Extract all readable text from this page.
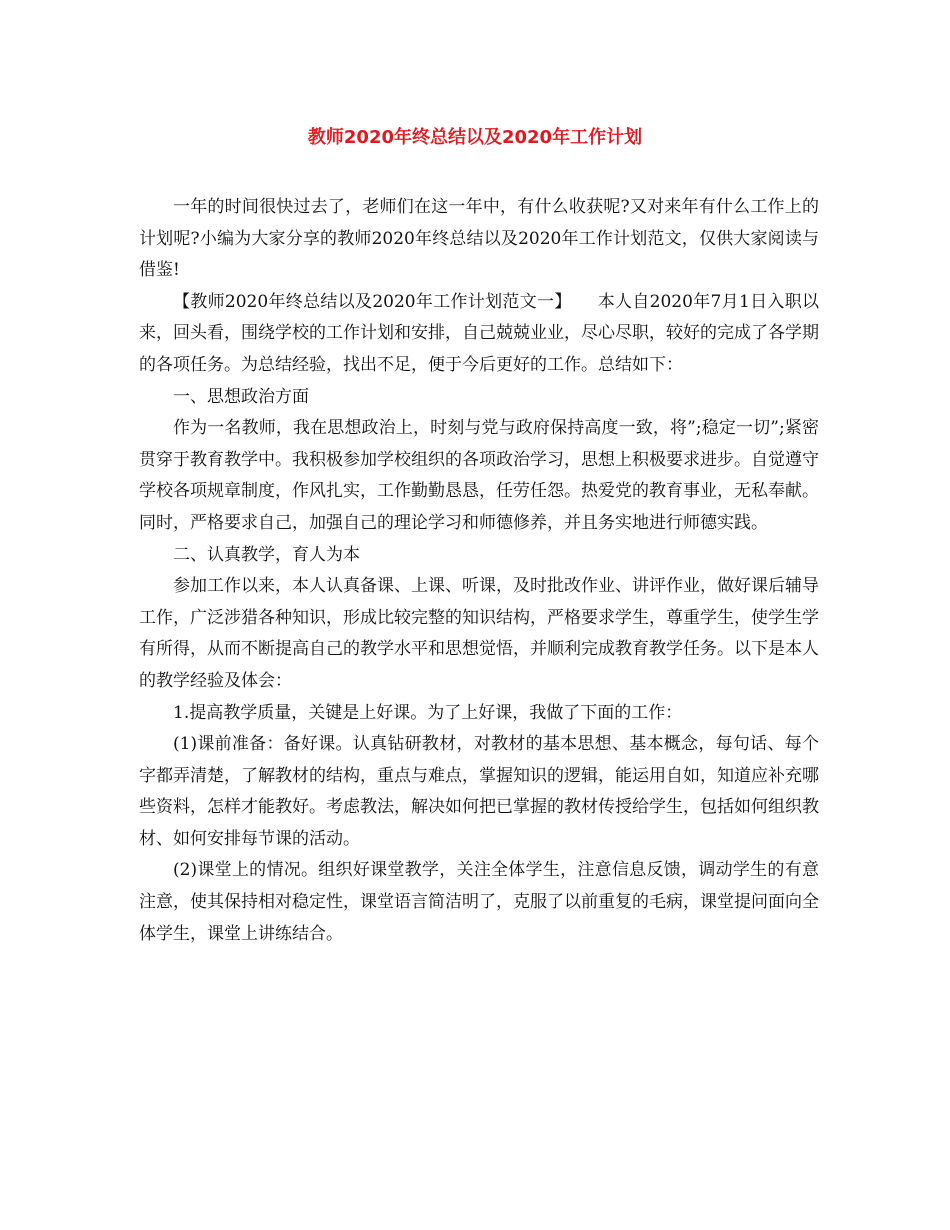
教师2020年终总结以及2020年工作计划

一年的时间很快过去了，老师们在这一年中，有什么收获呢?又对来年有什么工作上的计划呢?小编为大家分享的教师2020年终总结以及2020年工作计划范文，仅供大家阅读与借鉴!

【教师2020年终总结以及2020年工作计划范文一】　　本人自2020年7月1日入职以来，回头看，围绕学校的工作计划和安排，自己兢兢业业，尽心尽职，较好的完成了各学期的各项任务。为总结经验，找出不足，便于今后更好的工作。总结如下：

一、思想政治方面

作为一名教师，我在思想政治上，时刻与党与政府保持高度一致，将”;稳定一切”;紧密贯穿于教育教学中。我积极参加学校组织的各项政治学习，思想上积极要求进步。自觉遵守学校各项规章制度，作风扎实，工作勤勤恳恳，任劳任怨。热爱党的教育事业，无私奉献。同时，严格要求自己，加强自己的理论学习和师德修养，并且务实地进行师德实践。

二、认真教学，育人为本

参加工作以来，本人认真备课、上课、听课，及时批改作业、讲评作业，做好课后辅导工作，广泛涉猎各种知识，形成比较完整的知识结构，严格要求学生，尊重学生，使学生学有所得，从而不断提高自己的教学水平和思想觉悟，并顺利完成教育教学任务。以下是本人的教学经验及体会：

1.提高教学质量，关键是上好课。为了上好课，我做了下面的工作：

(1)课前准备：备好课。认真钻研教材，对教材的基本思想、基本概念，每句话、每个字都弄清楚，了解教材的结构，重点与难点，掌握知识的逻辑，能运用自如，知道应补充哪些资料，怎样才能教好。考虑教法，解决如何把已掌握的教材传授给学生，包括如何组织教材、如何安排每节课的活动。

(2)课堂上的情况。组织好课堂教学，关注全体学生，注意信息反馈，调动学生的有意注意，使其保持相对稳定性，课堂语言简洁明了，克服了以前重复的毛病，课堂提问面向全体学生，课堂上讲练结合。
